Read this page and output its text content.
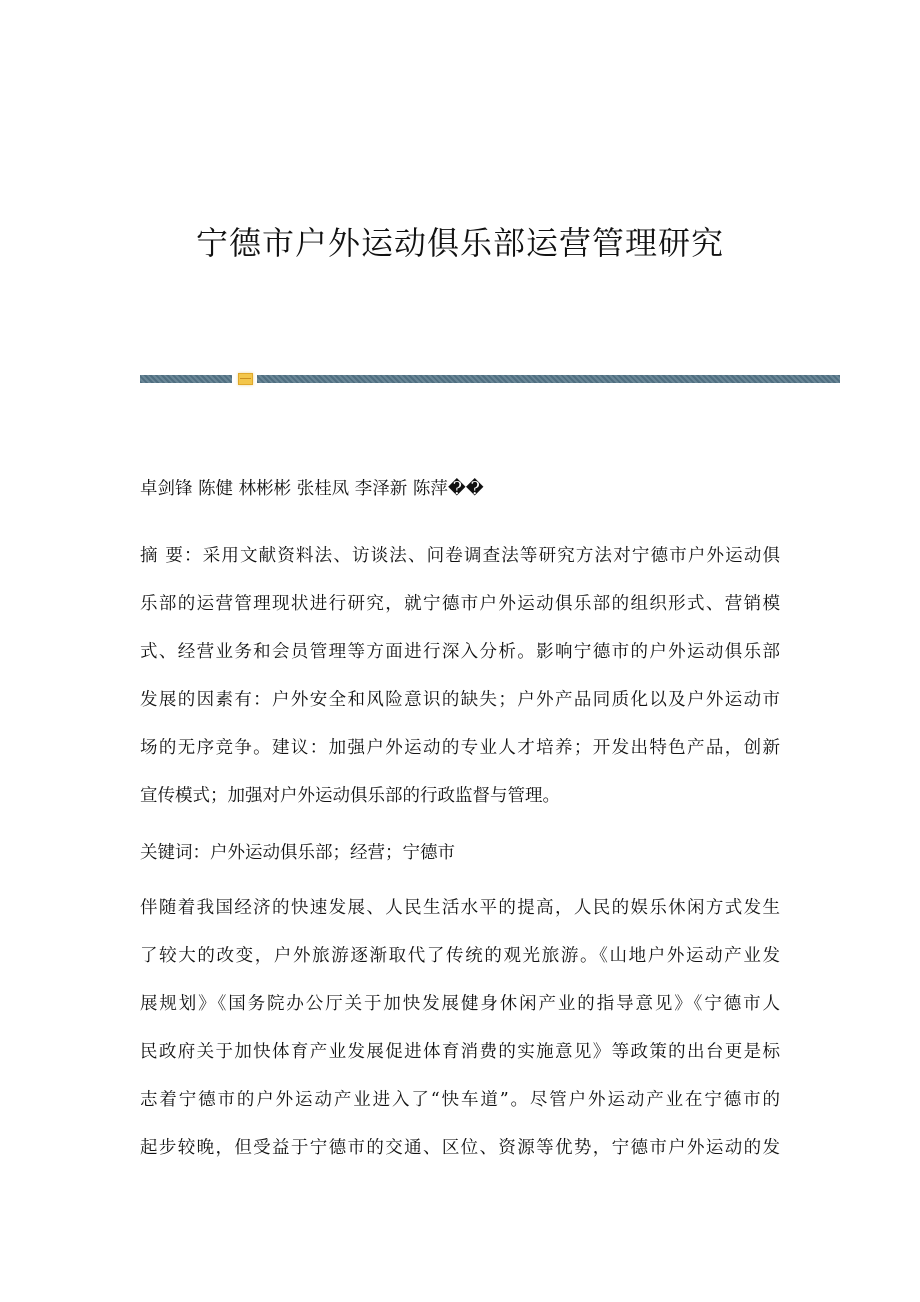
宁德市户外运动俱乐部运营管理研究
卓剑锋 陈健 林彬彬 张桂凤 李泽新 陈萍��
摘 要：采用文献资料法、访谈法、问卷调查法等研究方法对宁德市户外运动俱
乐部的运营管理现状进行研究，就宁德市户外运动俱乐部的组织形式、营销模
式、经营业务和会员管理等方面进行深入分析。影响宁德市的户外运动俱乐部
发展的因素有：户外安全和风险意识的缺失；户外产品同质化以及户外运动市
场的无序竞争。建议：加强户外运动的专业人才培养；开发出特色产品，创新
宣传模式；加强对户外运动俱乐部的行政监督与管理。
关键词：户外运动俱乐部；经营；宁德市
伴随着我国经济的快速发展、人民生活水平的提高，人民的娱乐休闲方式发生
了较大的改变，户外旅游逐渐取代了传统的观光旅游。《山地户外运动产业发
展规划》《国务院办公厅关于加快发展健身休闲产业的指导意见》《宁德市人
民政府关于加快体育产业发展促进体育消费的实施意见》等政策的出台更是标
志着宁德市的户外运动产业进入了“快车道”。尽管户外运动产业在宁德市的
起步较晚，但受益于宁德市的交通、区位、资源等优势，宁德市户外运动的发
